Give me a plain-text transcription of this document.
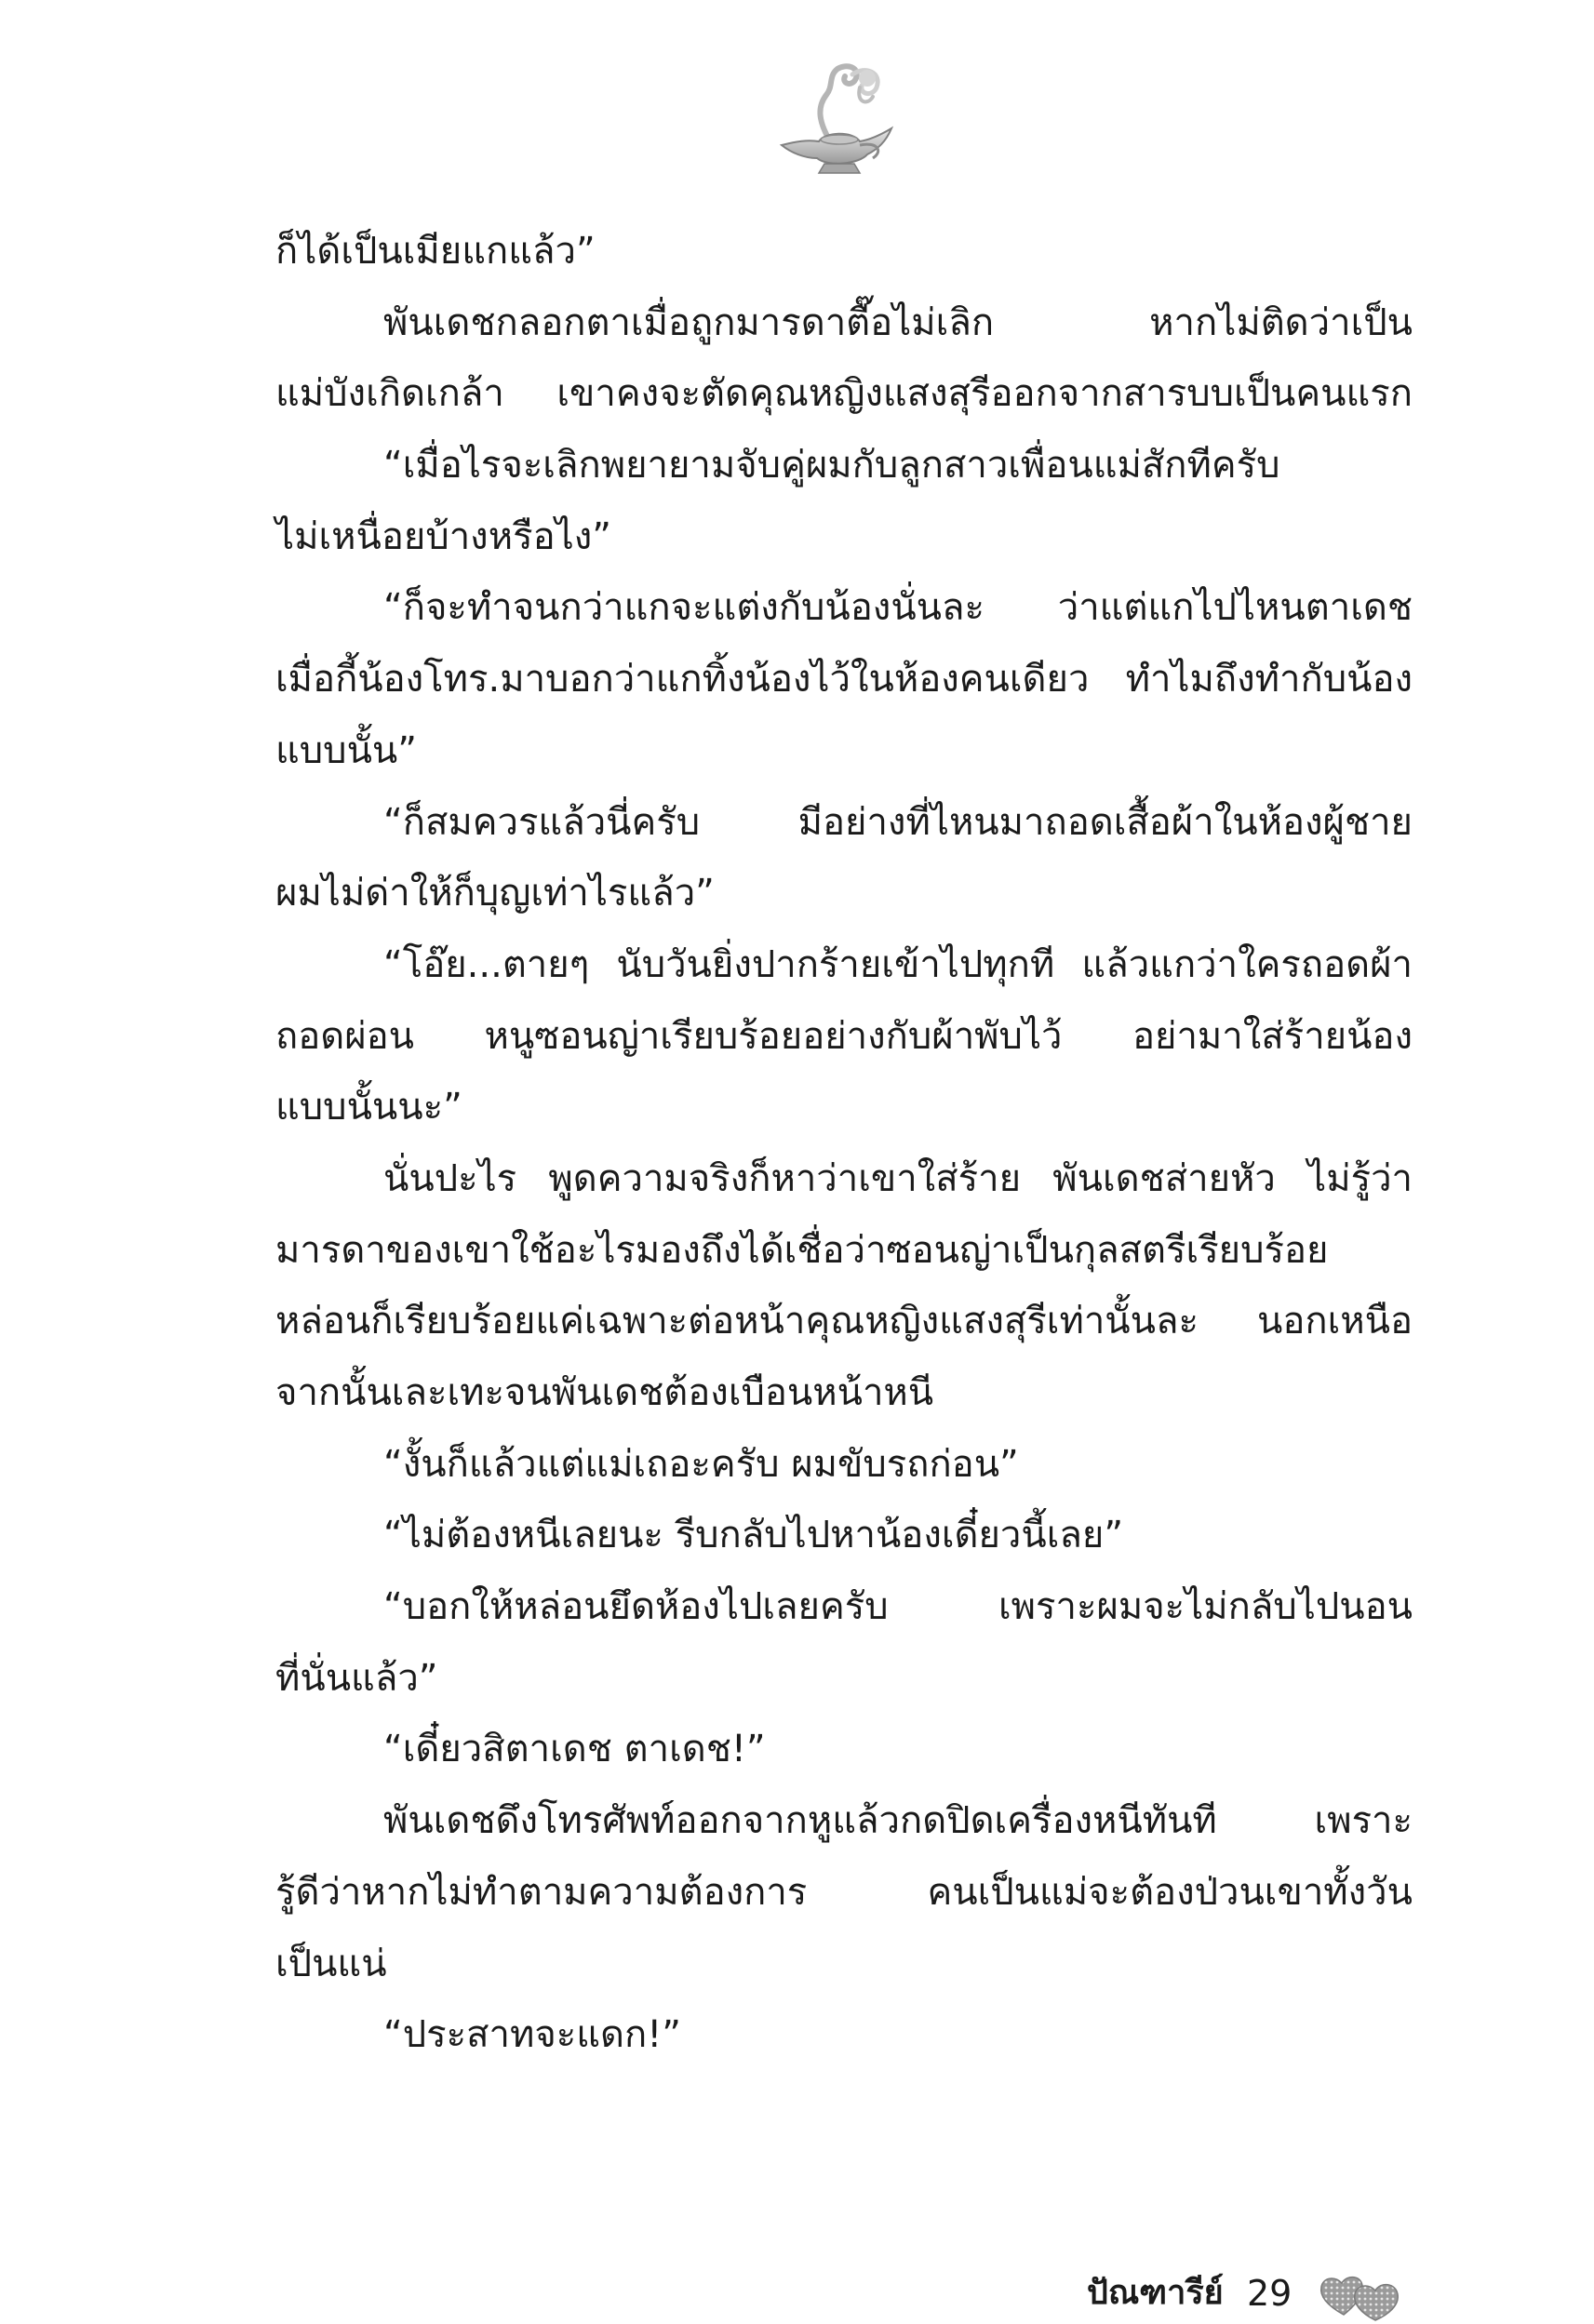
ก็ได้เป็นเมียแกแล้ว”
พันเดชกลอกตาเมื่อถูกมารดาตื๊อไม่เลิก หากไม่ติดว่าเป็น
แม่บังเกิดเกล้า เขาคงจะตัดคุณหญิงแสงสุรีออกจากสารบบเป็นคนแรก
“เมื่อไรจะเลิกพยายามจับคู่ผมกับลูกสาวเพื่อนแม่สักทีครับ
ไม่เหนื่อยบ้างหรือไง”
“ก็จะทำจนกว่าแกจะแต่งกับน้องนั่นละ ว่าแต่แกไปไหนตาเดช
เมื่อกี้น้องโทร.มาบอกว่าแกทิ้งน้องไว้ในห้องคนเดียว ทำไมถึงทำกับน้อง
แบบนั้น”
“ก็สมควรแล้วนี่ครับ มีอย่างที่ไหนมาถอดเสื้อผ้าในห้องผู้ชาย
ผมไม่ด่าให้ก็บุญเท่าไรแล้ว”
“โอ๊ย...ตายๆ นับวันยิ่งปากร้ายเข้าไปทุกที แล้วแกว่าใครถอดผ้า
ถอดผ่อน หนูซอนญ่าเรียบร้อยอย่างกับผ้าพับไว้ อย่ามาใส่ร้ายน้อง
แบบนั้นนะ”
นั่นปะไร พูดความจริงก็หาว่าเขาใส่ร้าย พันเดชส่ายหัว ไม่รู้ว่า
มารดาของเขาใช้อะไรมองถึงได้เชื่อว่าซอนญ่าเป็นกุลสตรีเรียบร้อย
หล่อนก็เรียบร้อยแค่เฉพาะต่อหน้าคุณหญิงแสงสุรีเท่านั้นละ นอกเหนือ
จากนั้นเละเทะจนพันเดชต้องเบือนหน้าหนี
“งั้นก็แล้วแต่แม่เถอะครับ ผมขับรถก่อน”
“ไม่ต้องหนีเลยนะ รีบกลับไปหาน้องเดี๋ยวนี้เลย”
“บอกให้หล่อนยึดห้องไปเลยครับ เพราะผมจะไม่กลับไปนอน
ที่นั่นแล้ว”
“เดี๋ยวสิตาเดช ตาเดช!”
พันเดชดึงโทรศัพท์ออกจากหูแล้วกดปิดเครื่องหนีทันที เพราะ
รู้ดีว่าหากไม่ทำตามความต้องการ คนเป็นแม่จะต้องป่วนเขาทั้งวัน
เป็นแน่
“ประสาทจะแดก!”
ปัณฑารีย์ 29
